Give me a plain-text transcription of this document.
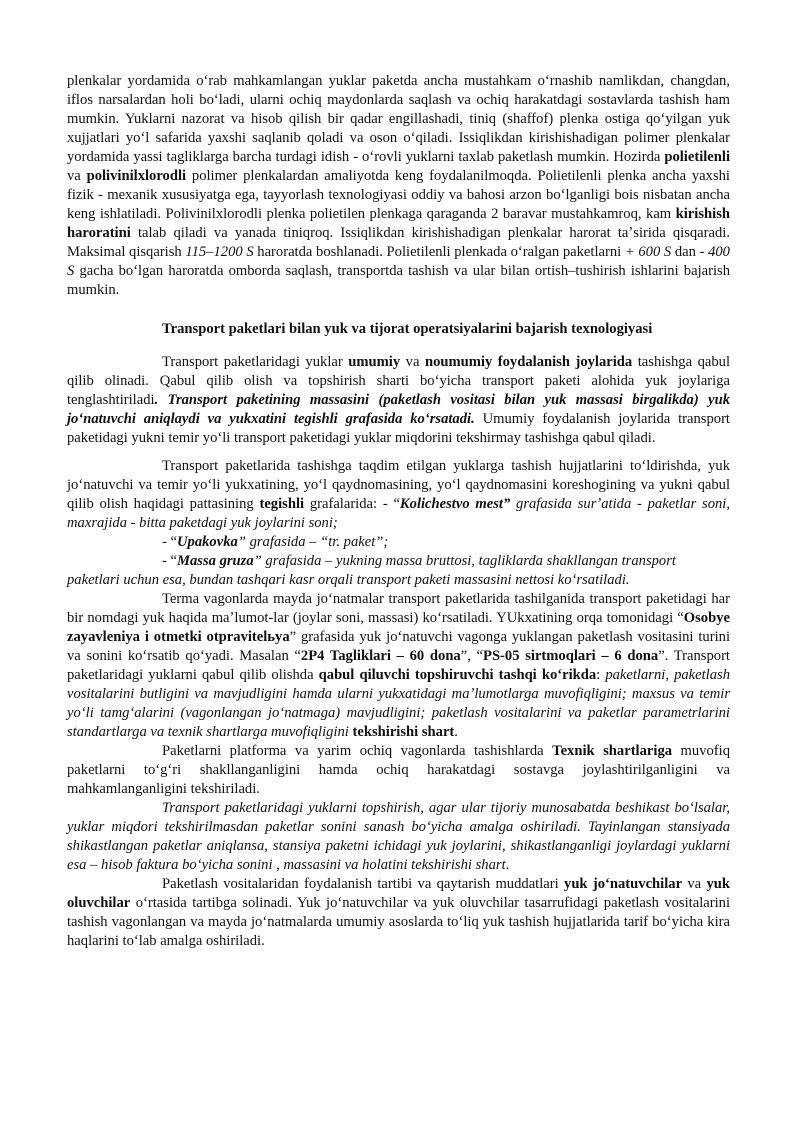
plenkalar yordamida oʻrab mahkamlangan yuklar paketda ancha mustahkam oʻrnashib namlikdan, changdan, iflos narsalardan holi boʻladi, ularni ochiq maydonlarda saqlash va ochiq harakatdagi sostavlarda tashish ham mumkin. Yuklarni nazorat va hisob qilish bir qadar engillashadi, tiniq (shaffof) plenka ostiga qoʻyilgan yuk xujjatlari yoʻl safarida yaxshi saqlanib qoladi va oson oʻqiladi. Issiqlikdan kirishishadigan polimer plenkalar yordamida yassi tagliklarga barcha turdagi idish - oʻrovli yuklarni taxlab paketlash mumkin. Hozirda polietilenli va polivinilxlorodli polimer plenkalardan amaliyotda keng foydalanilmoqda. Polietilenli plenka ancha yaxshi fizik - mexanik xususiyatga ega, tayyorlash texnologiyasi oddiy va bahosi arzon boʻlganligi bois nisbatan ancha keng ishlatiladi. Polivinilxlorodli plenka polietilen plenkaga qaraganda 2 baravar mustahkamroq, kam kirishish haroratini talab qiladi va yanada tiniqroq. Issiqlikdan kirishishadigan plenkalar harorat taʼsirida qisqaradi. Maksimal qisqarish 115–1200 S haroratda boshlanadi. Polietilenli plenkada oʻralgan paketlarni + 600 S dan - 400 S gacha boʻlgan haroratda omborda saqlash, transportda tashish va ular bilan ortish–tushirish ishlarini bajarish mumkin.

Transport paketlari bilan yuk va tijorat operatsiyalarini bajarish texnologiyasi

Transport paketlaridagi yuklar umumiy va noumumiy foydalanish joylarida tashishga qabul qilib olinadi. Qabul qilib olish va topshirish sharti boʻyicha transport paketi alohida yuk joylariga tenglashtiriladi. Transport paketining massasini (paketlash vositasi bilan yuk massasi birgalikda) yuk joʻnatuvchi aniqlaydi va yukxatini tegishli grafasida koʻrsatadi. Umumiy foydalanish joylarida transport paketidagi yukni temir yoʻli transport paketidagi yuklar miqdorini tekshirmay tashishga qabul qiladi.

Transport paketlarida tashishga taqdim etilgan yuklarga tashish hujjatlarini toʻldirishda, yuk joʻnatuvchi va temir yoʻli yukxatining, yoʻl qaydnomasining, yoʻl qaydnomasini koreshogining va yukni qabul qilib olish haqidagi pattasining tegishli grafalarida: - “Kolichestvo mest” grafasida surʼatida - paketlar soni, maxrajida - bitta paketdagi yuk joylarini soni;

- “Upakovka” grafasida – “tr. paket”;

- “Massa gruza” grafasida – yukning massa bruttosi, tagliklarda shakllangan transport

paketlari uchun esa, bundan tashqari kasr orqali transport paketi massasini nettosi koʻrsatiladi.

Terma vagonlarda mayda joʻnatmalar transport paketlarida tashilganida transport paketidagi har bir nomdagi yuk haqida maʼlumot-lar (joylar soni, massasi) koʻrsatiladi. YUkxatining orqa tomonidagi “Osobye zayavleniya i otmetki otpravitelьya” grafasida yuk joʻnatuvchi vagonga yuklangan paketlash vositasini turini va sonini koʻrsatib qoʻyadi. Masalan “2P4 Tagliklari – 60 dona”, “PS-05 sirtmoqlari – 6 dona”. Transport paketlaridagi yuklarni qabul qilib olishda qabul qiluvchi topshiruvchi tashqi koʻrikda: paketlarni, paketlash vositalarini butligini va mavjudligini hamda ularni yukxatidagi maʼlumotlarga muvofiqligini; maxsus va temir yoʻli tamgʻalarini (vagonlangan joʻnatmaga) mavjudligini; paketlash vositalarini va paketlar parametrlarini standartlarga va texnik shartlarga muvofiqligini tekshirishi shart.

Paketlarni platforma va yarim ochiq vagonlarda tashishlarda Texnik shartlariga muvofiq paketlarni toʻgʻri shakllanganligini hamda ochiq harakatdagi sostavga joylashtirilganligini va mahkamlanganligini tekshiriladi.

Transport paketlaridagi yuklarni topshirish, agar ular tijoriy munosabatda beshikast boʻlsalar, yuklar miqdori tekshirilmasdan paketlar sonini sanash boʻyicha amalga oshiriladi. Tayinlangan stansiyada shikastlangan paketlar aniqlansa, stansiya paketni ichidagi yuk joylarini, shikastlanganligi joylardagi yuklarni esa – hisob faktura boʻyicha sonini , massasini va holatini tekshirishi shart.

Paketlash vositalaridan foydalanish tartibi va qaytarish muddatlari yuk joʻnatuvchilar va yuk oluvchilar oʻrtasida tartibga solinadi. Yuk joʻnatuvchilar va yuk oluvchilar tasarrufidagi paketlash vositalarini tashish vagonlangan va mayda joʻnatmalarda umumiy asoslarda toʻliq yuk tashish hujjatlarida tarif boʻyicha kira haqlarini toʻlab amalga oshiriladi.
